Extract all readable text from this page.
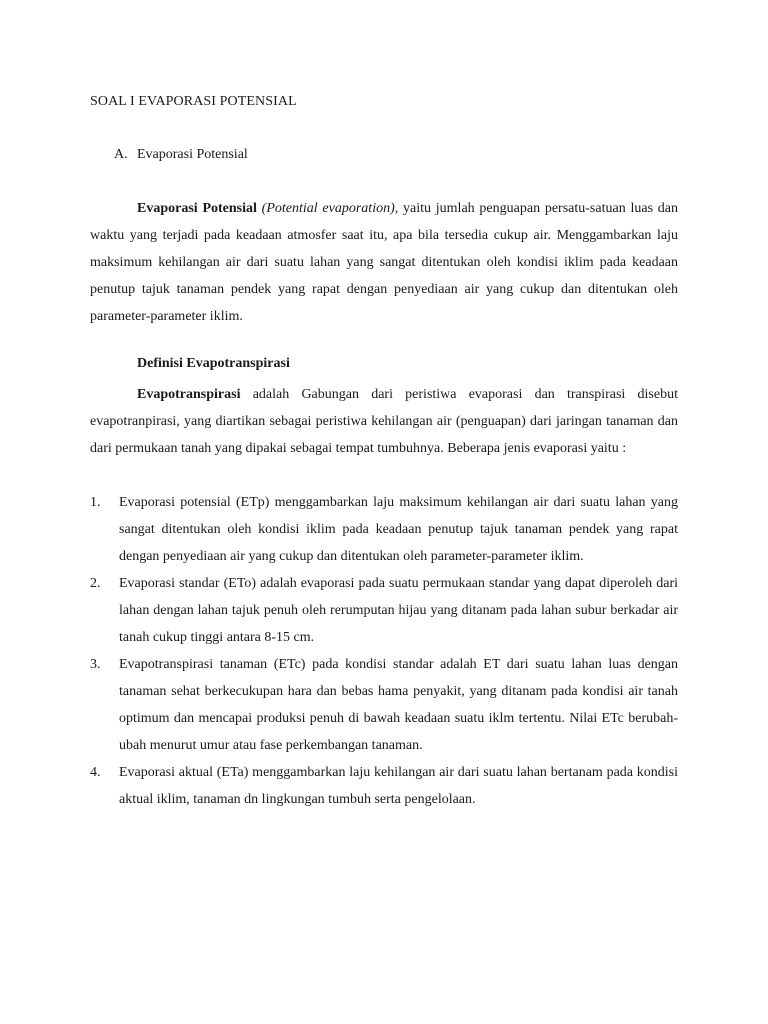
SOAL I EVAPORASI POTENSIAL
A. Evaporasi Potensial

Evaporasi Potensial (Potential evaporation), yaitu jumlah penguapan persatu-satuan luas dan waktu yang terjadi pada keadaan atmosfer saat itu, apa bila tersedia cukup air. Menggambarkan laju maksimum kehilangan air dari suatu lahan yang sangat ditentukan oleh kondisi iklim pada keadaan penutup tajuk tanaman pendek yang rapat dengan penyediaan air yang cukup dan ditentukan oleh parameter-parameter iklim.

Definisi Evapotranspirasi

Evapotranspirasi adalah Gabungan dari peristiwa evaporasi dan transpirasi disebut evapotranpirasi, yang diartikan sebagai peristiwa kehilangan air (penguapan) dari jaringan tanaman dan dari permukaan tanah yang dipakai sebagai tempat tumbuhnya. Beberapa jenis evaporasi yaitu :

1. Evaporasi potensial (ETp) menggambarkan laju maksimum kehilangan air dari suatu lahan yang sangat ditentukan oleh kondisi iklim pada keadaan penutup tajuk tanaman pendek yang rapat dengan penyediaan air yang cukup dan ditentukan oleh parameter-parameter iklim.
2. Evaporasi standar (ETo) adalah evaporasi pada suatu permukaan standar yang dapat diperoleh dari lahan dengan lahan tajuk penuh oleh rerumputan hijau yang ditanam pada lahan subur berkadar air tanah cukup tinggi antara 8-15 cm.
3. Evapotranspirasi tanaman (ETc) pada kondisi standar adalah ET dari suatu lahan luas dengan tanaman sehat berkecukupan hara dan bebas hama penyakit, yang ditanam pada kondisi air tanah optimum dan mencapai produksi penuh di bawah keadaan suatu iklm tertentu. Nilai ETc berubah-ubah menurut umur atau fase perkembangan tanaman.
4. Evaporasi aktual (ETa) menggambarkan laju kehilangan air dari suatu lahan bertanam pada kondisi aktual iklim, tanaman dn lingkungan tumbuh serta pengelolaan.
